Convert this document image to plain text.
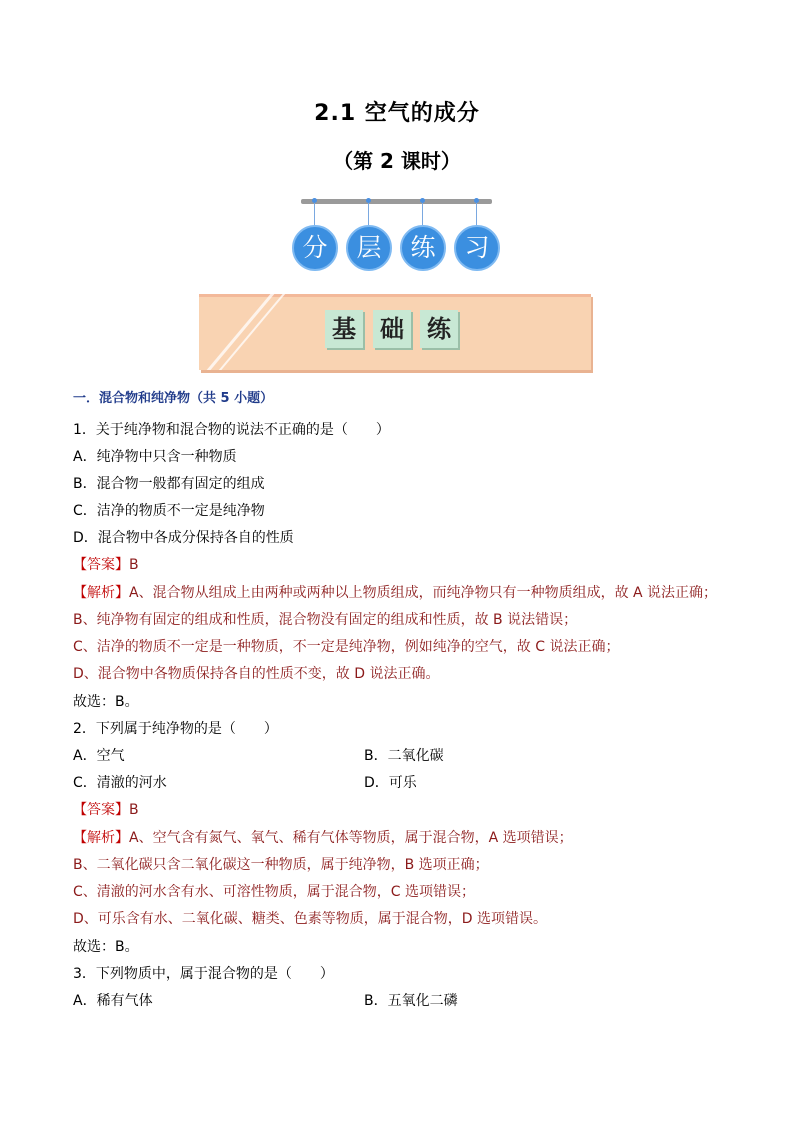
2.1 空气的成分
（第 2 课时）
分	层	练	习
基 础 练
一．混合物和纯净物（共 5 小题）
1．关于纯净物和混合物的说法不正确的是（　　）
A．纯净物中只含一种物质
B．混合物一般都有固定的组成
C．洁净的物质不一定是纯净物
D．混合物中各成分保持各自的性质
【答案】B
【解析】A、混合物从组成上由两种或两种以上物质组成，而纯净物只有一种物质组成，故 A 说法正确；
B、纯净物有固定的组成和性质，混合物没有固定的组成和性质，故 B 说法错误；
C、洁净的物质不一定是一种物质，不一定是纯净物，例如纯净的空气，故 C 说法正确；
D、混合物中各物质保持各自的性质不变，故 D 说法正确。
故选：B。
2．下列属于纯净物的是（　　）
A．空气	B．二氧化碳
C．清澈的河水	D．可乐
【答案】B
【解析】A、空气含有氮气、氧气、稀有气体等物质，属于混合物，A 选项错误；
B、二氧化碳只含二氧化碳这一种物质，属于纯净物，B 选项正确；
C、清澈的河水含有水、可溶性物质，属于混合物，C 选项错误；
D、可乐含有水、二氧化碳、糖类、色素等物质，属于混合物，D 选项错误。
故选：B。
3．下列物质中，属于混合物的是（　　）
A．稀有气体	B．五氧化二磷
